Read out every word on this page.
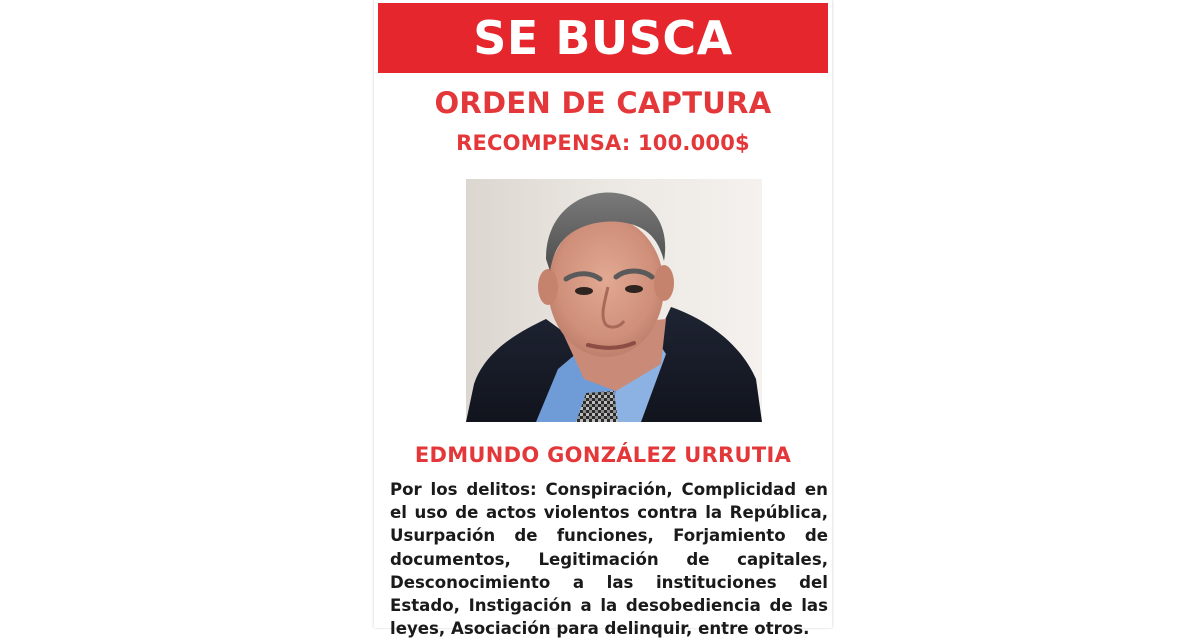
SE BUSCA
ORDEN DE CAPTURA
RECOMPENSA: 100.000$
EDMUNDO GONZÁLEZ URRUTIA

Por los delitos: Conspiración, Complicidad en el uso de actos violentos contra la República, Usurpación de funciones, Forjamiento de documentos, Legitimación de capitales, Desconocimiento a las instituciones del Estado, Instigación a la desobediencia de las leyes, Asociación para delinquir, entre otros.
